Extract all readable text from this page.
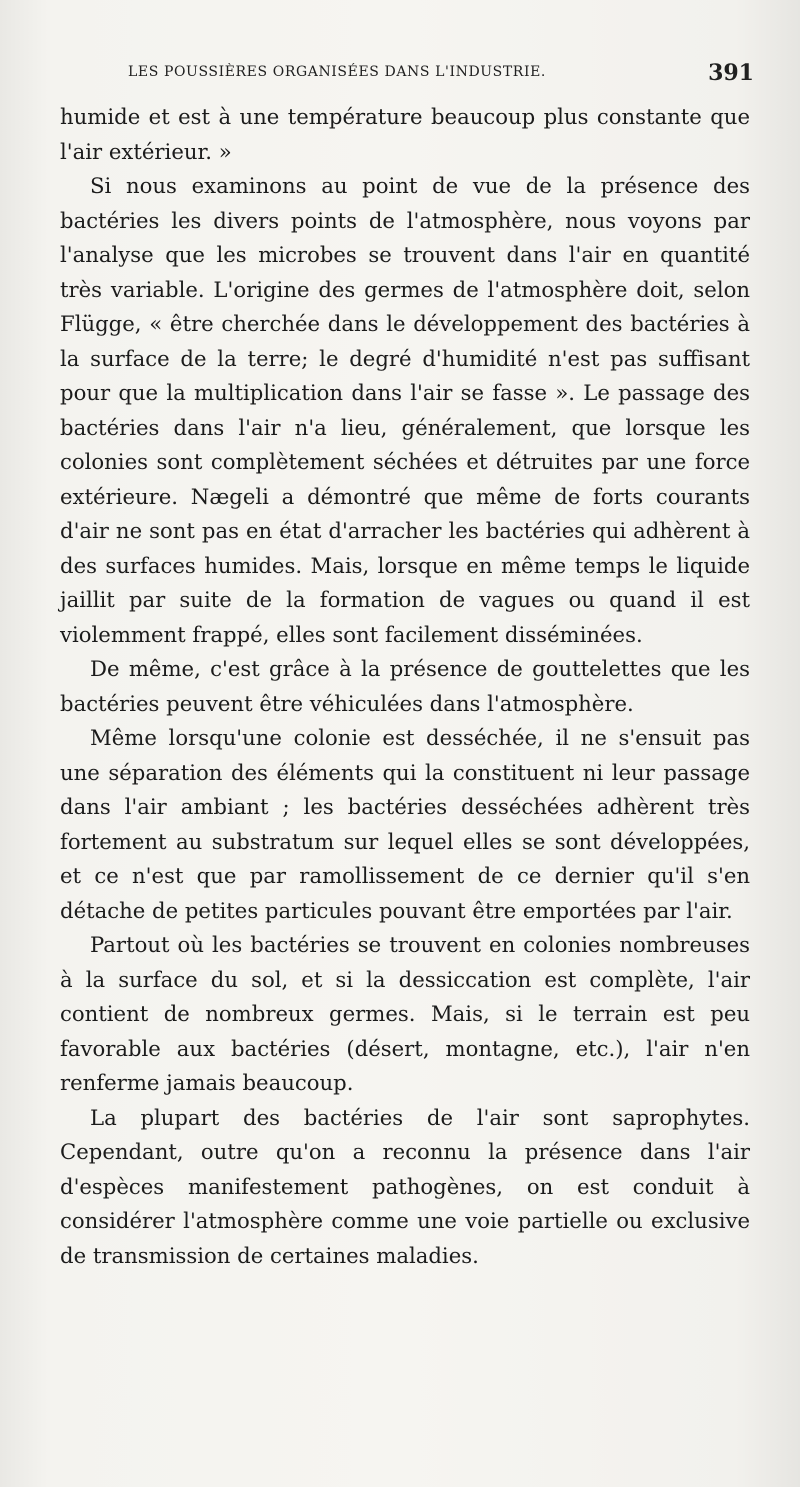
LES POUSSIÈRES ORGANISÉES DANS L'INDUSTRIE.	391

humide et est à une température beaucoup plus constante que l'air extérieur. »

Si nous examinons au point de vue de la présence des bactéries les divers points de l'atmosphère, nous voyons par l'analyse que les microbes se trouvent dans l'air en quantité très variable. L'origine des germes de l'atmosphère doit, selon Flügge, « être cherchée dans le développement des bactéries à la surface de la terre; le degré d'humidité n'est pas suffisant pour que la multiplication dans l'air se fasse ». Le passage des bactéries dans l'air n'a lieu, généralement, que lorsque les colonies sont complètement séchées et détruites par une force extérieure. Nægeli a démontré que même de forts courants d'air ne sont pas en état d'arracher les bactéries qui adhèrent à des surfaces humides. Mais, lorsque en même temps le liquide jaillit par suite de la formation de vagues ou quand il est violemment frappé, elles sont facilement disséminées.

De même, c'est grâce à la présence de gouttelettes que les bactéries peuvent être véhiculées dans l'atmosphère.

Même lorsqu'une colonie est desséchée, il ne s'ensuit pas une séparation des éléments qui la constituent ni leur passage dans l'air ambiant ; les bactéries desséchées adhèrent très fortement au substratum sur lequel elles se sont développées, et ce n'est que par ramollissement de ce dernier qu'il s'en détache de petites particules pouvant être emportées par l'air.

Partout où les bactéries se trouvent en colonies nombreuses à la surface du sol, et si la dessiccation est complète, l'air contient de nombreux germes. Mais, si le terrain est peu favorable aux bactéries (désert, montagne, etc.), l'air n'en renferme jamais beaucoup.

La plupart des bactéries de l'air sont saprophytes. Cependant, outre qu'on a reconnu la présence dans l'air d'espèces manifestement pathogènes, on est conduit à considérer l'atmosphère comme une voie partielle ou exclusive de transmission de certaines maladies.
